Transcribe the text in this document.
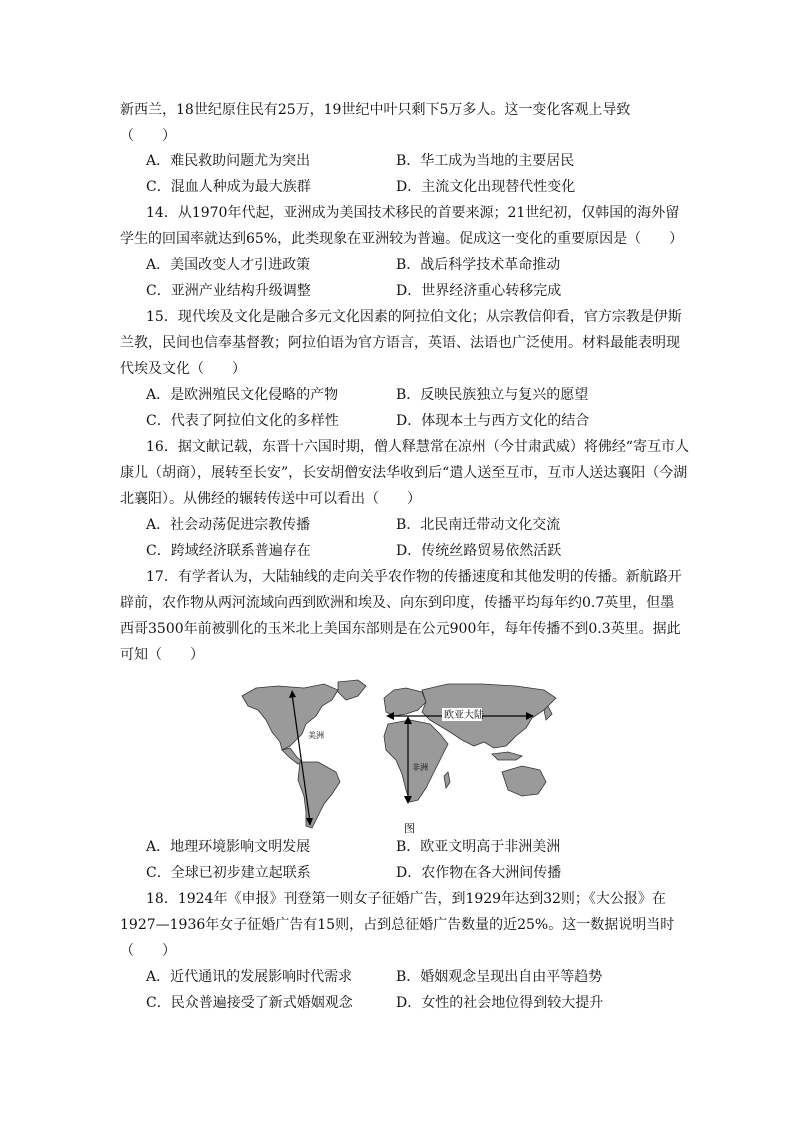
新西兰，18世纪原住民有25万，19世纪中叶只剩下5万多人。这一变化客观上导致
（　　）
A．难民救助问题尤为突出	B．华工成为当地的主要居民
C．混血人种成为最大族群	D．主流文化出现替代性变化
14．从1970年代起，亚洲成为美国技术移民的首要来源；21世纪初，仅韩国的海外留
学生的回国率就达到65%，此类现象在亚洲较为普遍。促成这一变化的重要原因是（　　）
A．美国改变人才引进政策	B．战后科学技术革命推动
C．亚洲产业结构升级调整	D．世界经济重心转移完成
15．现代埃及文化是融合多元文化因素的阿拉伯文化；从宗教信仰看，官方宗教是伊斯
兰教，民间也信奉基督教；阿拉伯语为官方语言，英语、法语也广泛使用。材料最能表明现
代埃及文化（　　）
A．是欧洲殖民文化侵略的产物	B．反映民族独立与复兴的愿望
C．代表了阿拉伯文化的多样性	D．体现本土与西方文化的结合
16．据文献记载，东晋十六国时期，僧人释慧常在凉州（今甘肃武威）将佛经“寄互市人
康儿（胡商），展转至长安”，长安胡僧安法华收到后“遣人送至互市，互市人送达襄阳（今湖
北襄阳）。从佛经的辗转传送中可以看出（　　）
A．社会动荡促进宗教传播	B．北民南迁带动文化交流
C．跨域经济联系普遍存在	D．传统丝路贸易依然活跃
17．有学者认为，大陆轴线的走向关乎农作物的传播速度和其他发明的传播。新航路开
辟前，农作物从两河流域向西到欧洲和埃及、向东到印度，传播平均每年约0.7英里，但墨
西哥3500年前被驯化的玉米北上美国东部则是在公元900年，每年传播不到0.3英里。据此
可知（　　）
欧亚大陆
美洲
非洲
图
A．地理环境影响文明发展	B．欧亚文明高于非洲美洲
C．全球已初步建立起联系	D．农作物在各大洲间传播
18．1924年《申报》刊登第一则女子征婚广告，到1929年达到32则；《大公报》在
1927—1936年女子征婚广告有15则，占到总征婚广告数量的近25%。这一数据说明当时
（　　）
A．近代通讯的发展影响时代需求	B．婚姻观念呈现出自由平等趋势
C．民众普遍接受了新式婚姻观念	D．女性的社会地位得到较大提升
